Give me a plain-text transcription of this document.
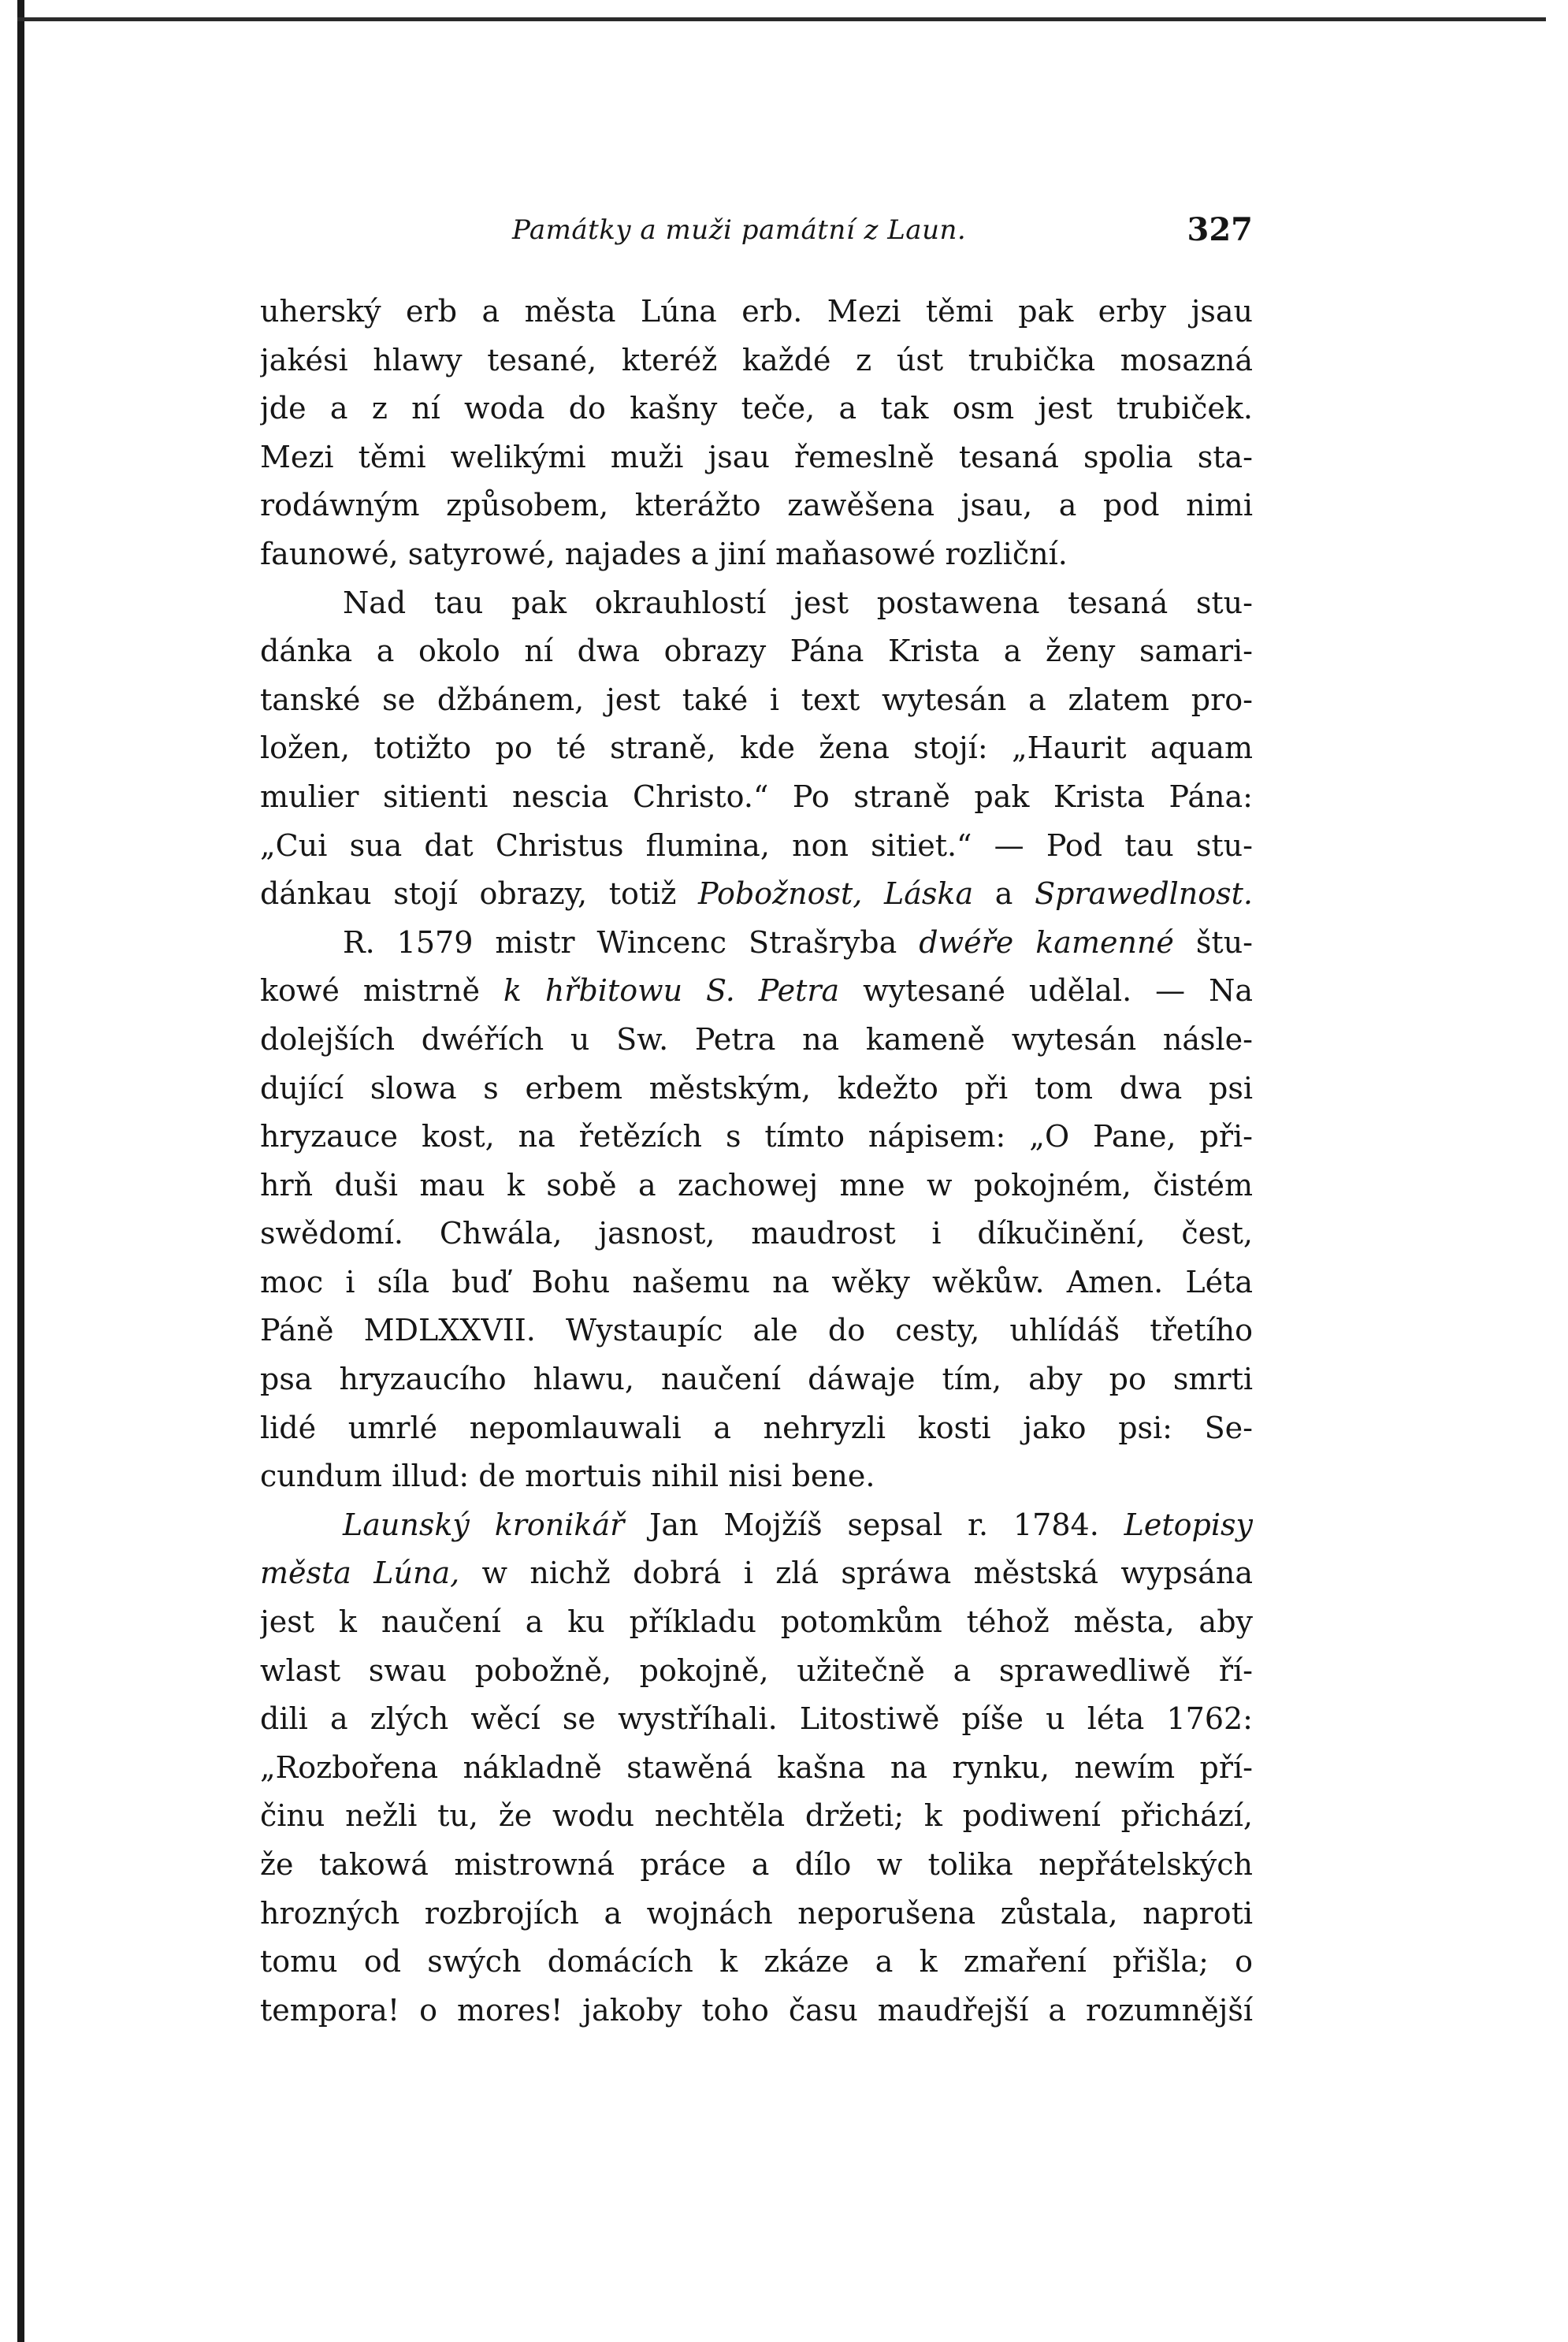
Památky a muži památní z Laun.	327
uherský erb a města Lúna erb. Mezi těmi pak erby jsau
jakési hlawy tesané, kteréž každé z úst trubička mosazná
jde a z ní woda do kašny teče, a tak osm jest trubiček.
Mezi těmi welikými muži jsau řemeslně tesaná spolia sta-
rodáwným způsobem, kterážto zawěšena jsau, a pod nimi
faunowé, satyrowé, najades a jiní maňasowé rozliční.
Nad tau pak okrauhlostí jest postawena tesaná stu-
dánka a okolo ní dwa obrazy Pána Krista a ženy samari-
tanské se džbánem, jest také i text wytesán a zlatem pro-
ložen, totižto po té straně, kde žena stojí: „Haurit aquam
mulier sitienti nescia Christo.“ Po straně pak Krista Pána:
„Cui sua dat Christus flumina, non sitiet.“ — Pod tau stu-
dánkau stojí obrazy, totiž Pobožnost, Láska a Sprawedlnost.
R. 1579 mistr Wincenc Strašryba dwéře kamenné štu-
kowé mistrně k hřbitowu S. Petra wytesané udělal. — Na
dolejších dwéřích u Sw. Petra na kameně wytesán násle-
dující slowa s erbem městským, kdežto při tom dwa psi
hryzauce kost, na řetězích s tímto nápisem: „O Pane, při-
hrň duši mau k sobě a zachowej mne w pokojném, čistém
swědomí. Chwála, jasnost, maudrost i díkučinění, čest,
moc i síla buď Bohu našemu na wěky wěkůw. Amen. Léta
Páně MDLXXVII. Wystaupíc ale do cesty, uhlídáš třetího
psa hryzaucího hlawu, naučení dáwaje tím, aby po smrti
lidé umrlé nepomlauwali a nehryzli kosti jako psi: Se-
cundum illud: de mortuis nihil nisi bene.
Launský kronikář Jan Mojžíš sepsal r. 1784. Letopisy
města Lúna, w nichž dobrá i zlá spráwa městská wypsána
jest k naučení a ku příkladu potomkům téhož města, aby
wlast swau pobožně, pokojně, užitečně a sprawedliwě ří-
dili a zlých wěcí se wystříhali. Litostiwě píše u léta 1762:
„Rozbořena nákladně stawěná kašna na rynku, newím pří-
činu nežli tu, že wodu nechtěla držeti; k podiwení přichází,
že takowá mistrowná práce a dílo w tolika nepřátelských
hrozných rozbrojích a wojnách neporušena zůstala, naproti
tomu od swých domácích k zkáze a k zmaření přišla; o
tempora! o mores! jakoby toho času maudřejší a rozumnější
